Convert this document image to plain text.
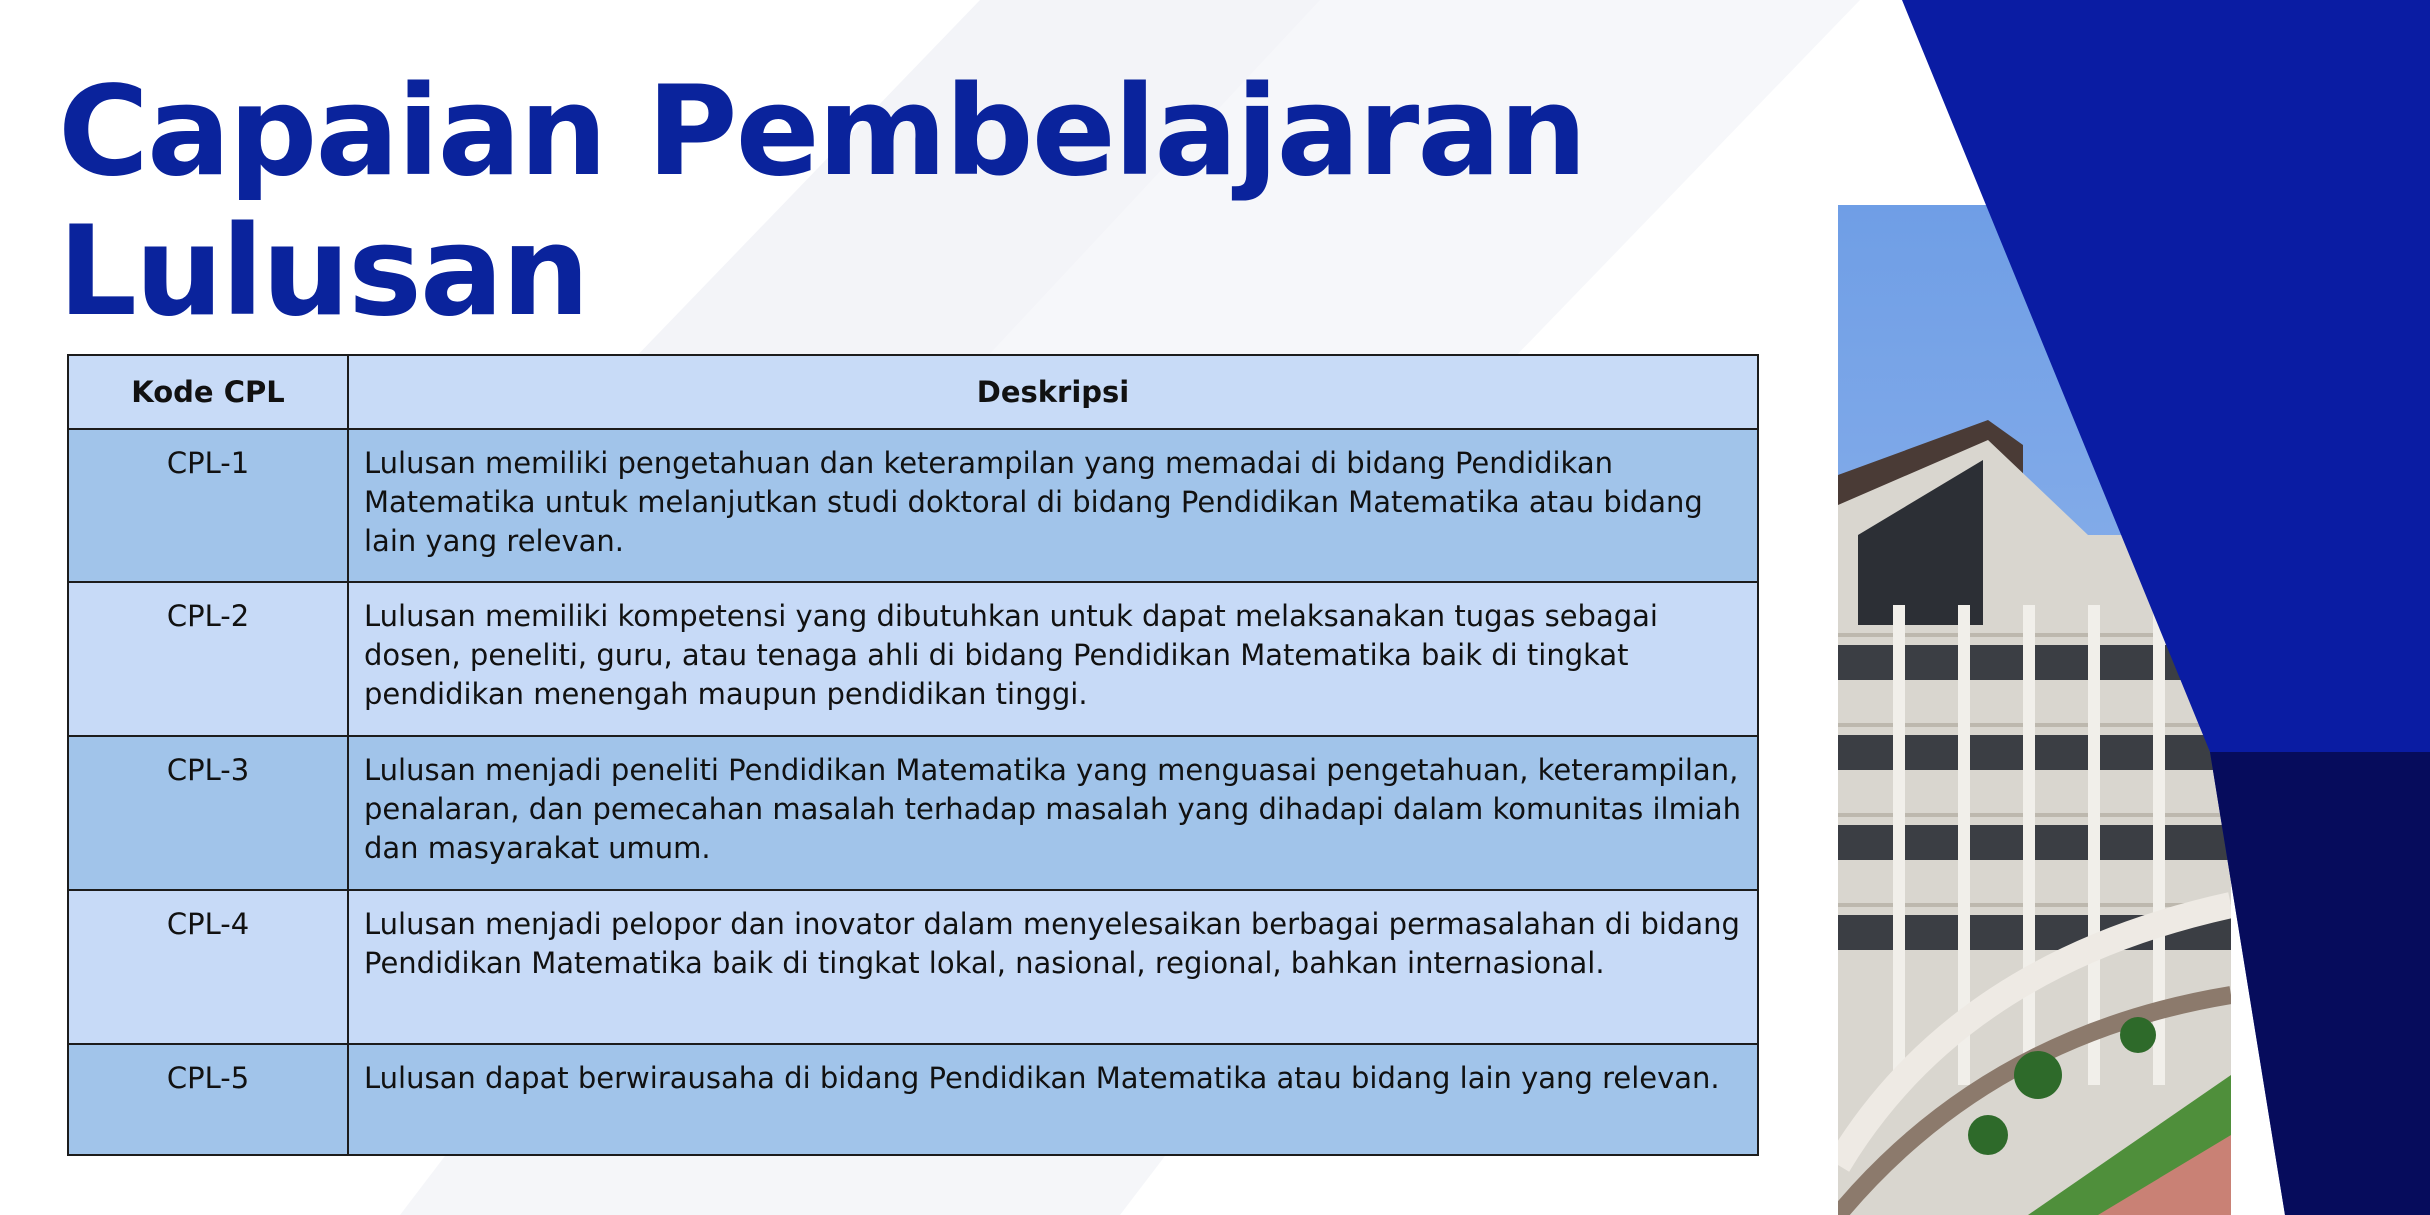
Capaian Pembelajaran
Lulusan
Kode CPL	Deskripsi
CPL-1	Lulusan memiliki pengetahuan dan keterampilan yang memadai di bidang Pendidikan Matematika untuk melanjutkan studi doktoral di bidang Pendidikan Matematika atau bidang lain yang relevan.
CPL-2	Lulusan memiliki kompetensi yang dibutuhkan untuk dapat melaksanakan tugas sebagai dosen, peneliti, guru, atau tenaga ahli di bidang Pendidikan Matematika baik di tingkat pendidikan menengah maupun pendidikan tinggi.
CPL-3	Lulusan menjadi peneliti Pendidikan Matematika yang menguasai pengetahuan, keterampilan, penalaran, dan pemecahan masalah terhadap masalah yang dihadapi dalam komunitas ilmiah dan masyarakat umum.
CPL-4	Lulusan menjadi pelopor dan inovator dalam menyelesaikan berbagai permasalahan di bidang Pendidikan Matematika baik di tingkat lokal, nasional, regional, bahkan internasional.
CPL-5	Lulusan dapat berwirausaha di bidang Pendidikan Matematika atau bidang lain yang relevan.
